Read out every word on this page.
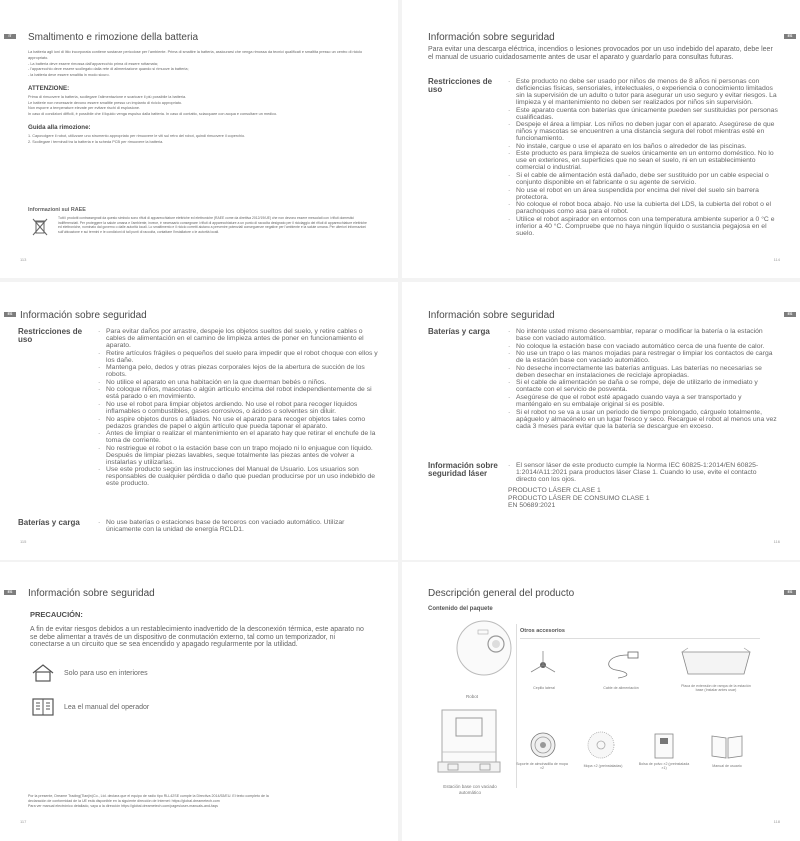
IT	Smaltimento e rimozione della batteria

La batteria agli ioni di litio incorporata contiene sostanze pericolose per l'ambiente. Prima di smaltire la batteria, assicurarsi che venga rimossa da tecnici qualificati e smaltita presso un centro di riciclo appropriato.

- La batteria deve essere rimossa dall'apparecchio prima di essere rottamata;

- l'apparecchio deve essere scollegato dalla rete di alimentazione quando si rimuove la batteria;

- la batteria deve essere smaltita in modo sicuro.

ATTENZIONE:

Prima di rimuovere la batteria, scollegare l'alimentazione e scaricare il più possibile la batteria.

Le batterie non necessarie devono essere smaltite presso un impianto di riciclo appropriato.

Non esporre a temperature elevate per evitare rischi di esplosione.

In caso di condizioni difficili, è possibile che il liquido venga espulso dalla batteria. In caso di contatto, sciacquare con acqua e consultare un medico.

Guida alla rimozione:

1. Capovolgere il robot, utilizzare uno strumento appropriato per rimuovere le viti sul retro del robot, quindi rimuovere il coperchio.

2. Scollegare i terminali tra la batteria e la scheda PCB per rimuovere la batteria.

Informazioni sui RAEE
Tutti i prodotti contrassegnati da questo simbolo sono rifiuti di apparecchiature elettriche ed elettroniche (RAEE come da direttiva 2012/19/UE) che non devono essere mescolati con i rifiuti domestici indifferenziati. Per proteggere la salute umana e l'ambiente, invece, è necessario consegnare i rifiuti di apparecchiature a un punto di raccolta designato per il riciclaggio dei rifiuti di apparecchiature elettriche ed elettroniche, nominato dal governo o dalle autorità locali. Lo smaltimento e il riciclo corretti aiutano a prevenire potenziali conseguenze negative per l'ambiente e la salute umana. Per ulteriori informazioni sull'ubicazione e sui termini e le condizioni di tali punti di raccolta, contattare l'installatore o le autorità locali.
113
ES
Información sobre seguridad
Para evitar una descarga eléctrica, incendios o lesiones provocados por un uso indebido del aparato, debe leer el manual de usuario cuidadosamente antes de usar el aparato y guardarlo para consultas futuras.
Restricciones de uso

· Este producto no debe ser usado por niños de menos de 8 años ni personas con deficiencias físicas, sensoriales, intelectuales, o experiencia o conocimiento limitados sin la supervisión de un adulto o tutor para asegurar un uso seguro y evitar riesgos. La limpieza y el mantenimiento no deben ser realizados por niños sin supervisión.

· Este aparato cuenta con baterías que únicamente pueden ser sustituidas por personas cualificadas.

· Despeje el área a limpiar. Los niños no deben jugar con el aparato. Asegúrese de que niños y mascotas se encuentren a una distancia segura del robot mientras esté en funcionamiento.

· No instale, cargue o use el aparato en los baños o alrededor de las piscinas.

· Este producto es para limpieza de suelos únicamente en un entorno doméstico. No lo use en exteriores, en superficies que no sean el suelo, ni en un establecimiento comercial o industrial.

· Si el cable de alimentación está dañado, debe ser sustituido por un cable especial o conjunto disponible en el fabricante o su agente de servicio.

· No use el robot en un área suspendida por encima del nivel del suelo sin barrera protectora.

· No coloque el robot boca abajo. No use la cubierta del LDS, la cubierta del robot o el parachoques como asa para el robot.

· Utilice el robot aspirador en entornos con una temperatura ambiente superior a 0 °C e inferior a 40 °C. Compruebe que no haya ningún líquido o sustancia pegajosa en el suelo.

114
ES Información sobre seguridad
Restricciones de uso

· Para evitar daños por arrastre, despeje los objetos sueltos del suelo, y retire cables o cables de alimentación en el camino de limpieza antes de poner en funcionamiento el aparato.

· Retire artículos frágiles o pequeños del suelo para impedir que el robot choque con ellos y los dañe.

· Mantenga pelo, dedos y otras piezas corporales lejos de la abertura de succión de los robots.

· No utilice el aparato en una habitación en la que duerman bebés o niños.

· No coloque niños, mascotas o algún artículo encima del robot independientemente de si está parado o en movimiento.

· No use el robot para limpiar objetos ardiendo. No use el robot para recoger líquidos inflamables o combustibles, gases corrosivos, o ácidos o solventes sin diluir.

· No aspire objetos duros o afilados. No use el aparato para recoger objetos tales como pedazos grandes de papel o algún artículo que pueda taponar el aparato.

· Antes de limpiar o realizar el mantenimiento en el aparato hay que retirar el enchufe de la toma de corriente.

· No restriegue el robot o la estación base con un trapo mojado ni lo enjuague con líquido. Después de limpiar piezas lavables, seque totalmente las piezas antes de volver a instalarlas y utilizarlas.

· Use este producto según las instrucciones del Manual de Usuario. Los usuarios son responsables de cualquier pérdida o daño que puedan producirse por un uso indebido de este producto.

Baterías y carga	· No use baterías o estaciones base de terceros con vaciado automático. Utilizar únicamente con la unidad de energía RCLD1.

115
ES
Información sobre seguridad
Baterías y carga	· No intente usted mismo desensamblar, reparar o modificar la batería o la estación base con vaciado automático.

· No coloque la estación base con vaciado automático cerca de una fuente de calor.

· No use un trapo o las manos mojadas para restregar o limpiar los contactos de carga de la estación base con vaciado automático.

· No deseche incorrectamente las baterías antiguas. Las baterías no necesarias se deben desechar en instalaciones de reciclaje apropiadas.

· Si el cable de alimentación se daña o se rompe, deje de utilizarlo de inmediato y contacte con el servicio de posventa.

· Asegúrese de que el robot esté apagado cuando vaya a ser transportado y manténgalo en su embalaje original si es posible.

· Si el robot no se va a usar un periodo de tiempo prolongado, cárguelo totalmente, apáguelo y almacénelo en un lugar fresco y seco. Recargue el robot al menos una vez cada 3 meses para evitar que la batería se descargue en exceso.

Información sobre seguridad láser

· El sensor láser de este producto cumple la Norma IEC 60825-1:2014/EN 60825-1:2014/A11:2021 para productos láser Clase 1. Cuando lo use, evite el contacto directo con los ojos.

PRODUCTO LÁSER CLASE 1

PRODUCTO LÁSER DE CONSUMO CLASE 1

EN 50689:2021

116
ES	Información sobre seguridad
PRECAUCIÓN:
A fin de evitar riesgos debidos a un restablecimiento inadvertido de la desconexión térmica, este aparato no se debe alimentar a través de un dispositivo de conmutación externo, tal como un temporizador, ni conectarse a un circuito que se sea encendido y apagado regularmente por la utilidad.
Solo para uso en interiores
Lea el manual del operador

Por la presente, Dreame Trading(Tianjin)Co., Ltd. declara que el equipo de radio tipo RLL42SE cumple la Directiva 2014/53/EU. El texto completo de la

declaración de conformidad de la UE está disponible en la siguiente dirección de Internet: https://global.dreametech.com

Para ver manual electrónico detallado, vaya a la dirección https://global.dreametech.com/pages/user-manuals-and-faqs

117
ES
Descripción general del producto
Contenido del paquete
Robot
Estación base con vaciado automático
Otros accesorios
Cepillo lateral	Cable de alimentación	Placa de extensión de rampa de la estación base (Instalar antes usar)
Soporte de almohadilla de mopa ×2
Mopa ×2 (preinstaladas)	Bolsa de polvo ×2 (preinstalada ×1)
Manual de usuario
118
